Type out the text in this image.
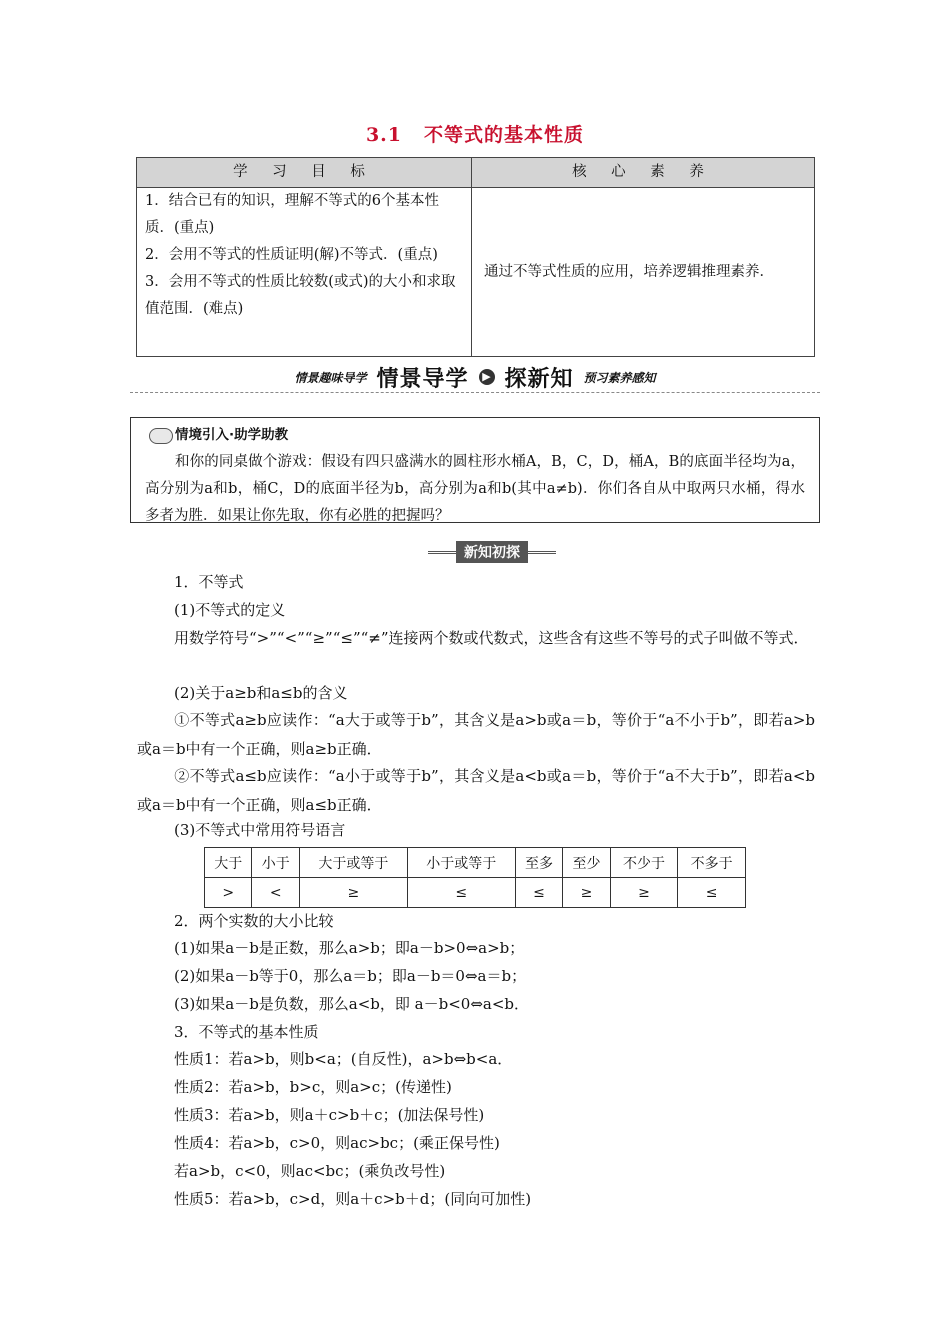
3.1 不等式的基本性质
学 习 目 标	核 心 素 养

1．结合已有的知识，理解不等式的6个基本性质．(重点)
2．会用不等式的性质证明(解)不等式．(重点)
3．会用不等式的性质比较数(或式)的大小和求取值范围．(难点)	通过不等式性质的应用，培养逻辑推理素养．
情景趣味导学 情景导学	▶ 探新知 预习素养感知
情境引入·助学助教

和你的同桌做个游戏：假设有四只盛满水的圆柱形水桶A，B，C，D，桶A，B的底面半径均为a，高分别为a和b，桶C，D的底面半径为b，高分别为a和b(其中a≠b)．你们各自从中取两只水桶，得水多者为胜．如果让你先取，你有必胜的把握吗？

新知初探
1．不等式
(1)不等式的定义
用数学符号“>”“<”“≥”“≤”“≠”连接两个数或代数式，这些含有这些不等号的式子叫做不等式．
(2)关于a≥b和a≤b的含义
①不等式a≥b应读作：“a大于或等于b”，其含义是a>b或a＝b，等价于“a不小于b”，即若a>b或a＝b中有一个正确，则a≥b正确．
②不等式a≤b应读作：“a小于或等于b”，其含义是a<b或a＝b，等价于“a不大于b”，即若a<b或a＝b中有一个正确，则a≤b正确．
(3)不等式中常用符号语言
大于	小于	大于或等于	小于或等于	至多	至少	不少于	不多于
>	<	≥	≤	≤	≥	≥	≤
2．两个实数的大小比较
(1)如果a－b是正数，那么a>b；即a－b>0⇔a>b；
(2)如果a－b等于0，那么a＝b；即a－b＝0⇔a＝b；
(3)如果a－b是负数，那么a<b，即 a－b<0⇔a<b．
3．不等式的基本性质
性质1：若a>b，则b<a；(自反性)，a>b⇔b<a．
性质2：若a>b，b>c，则a>c；(传递性)
性质3：若a>b，则a＋c>b＋c；(加法保号性)
性质4：若a>b，c>0，则ac>bc；(乘正保号性)
若a>b，c<0，则ac<bc；(乘负改号性)
性质5：若a>b，c>d，则a＋c>b＋d；(同向可加性)
